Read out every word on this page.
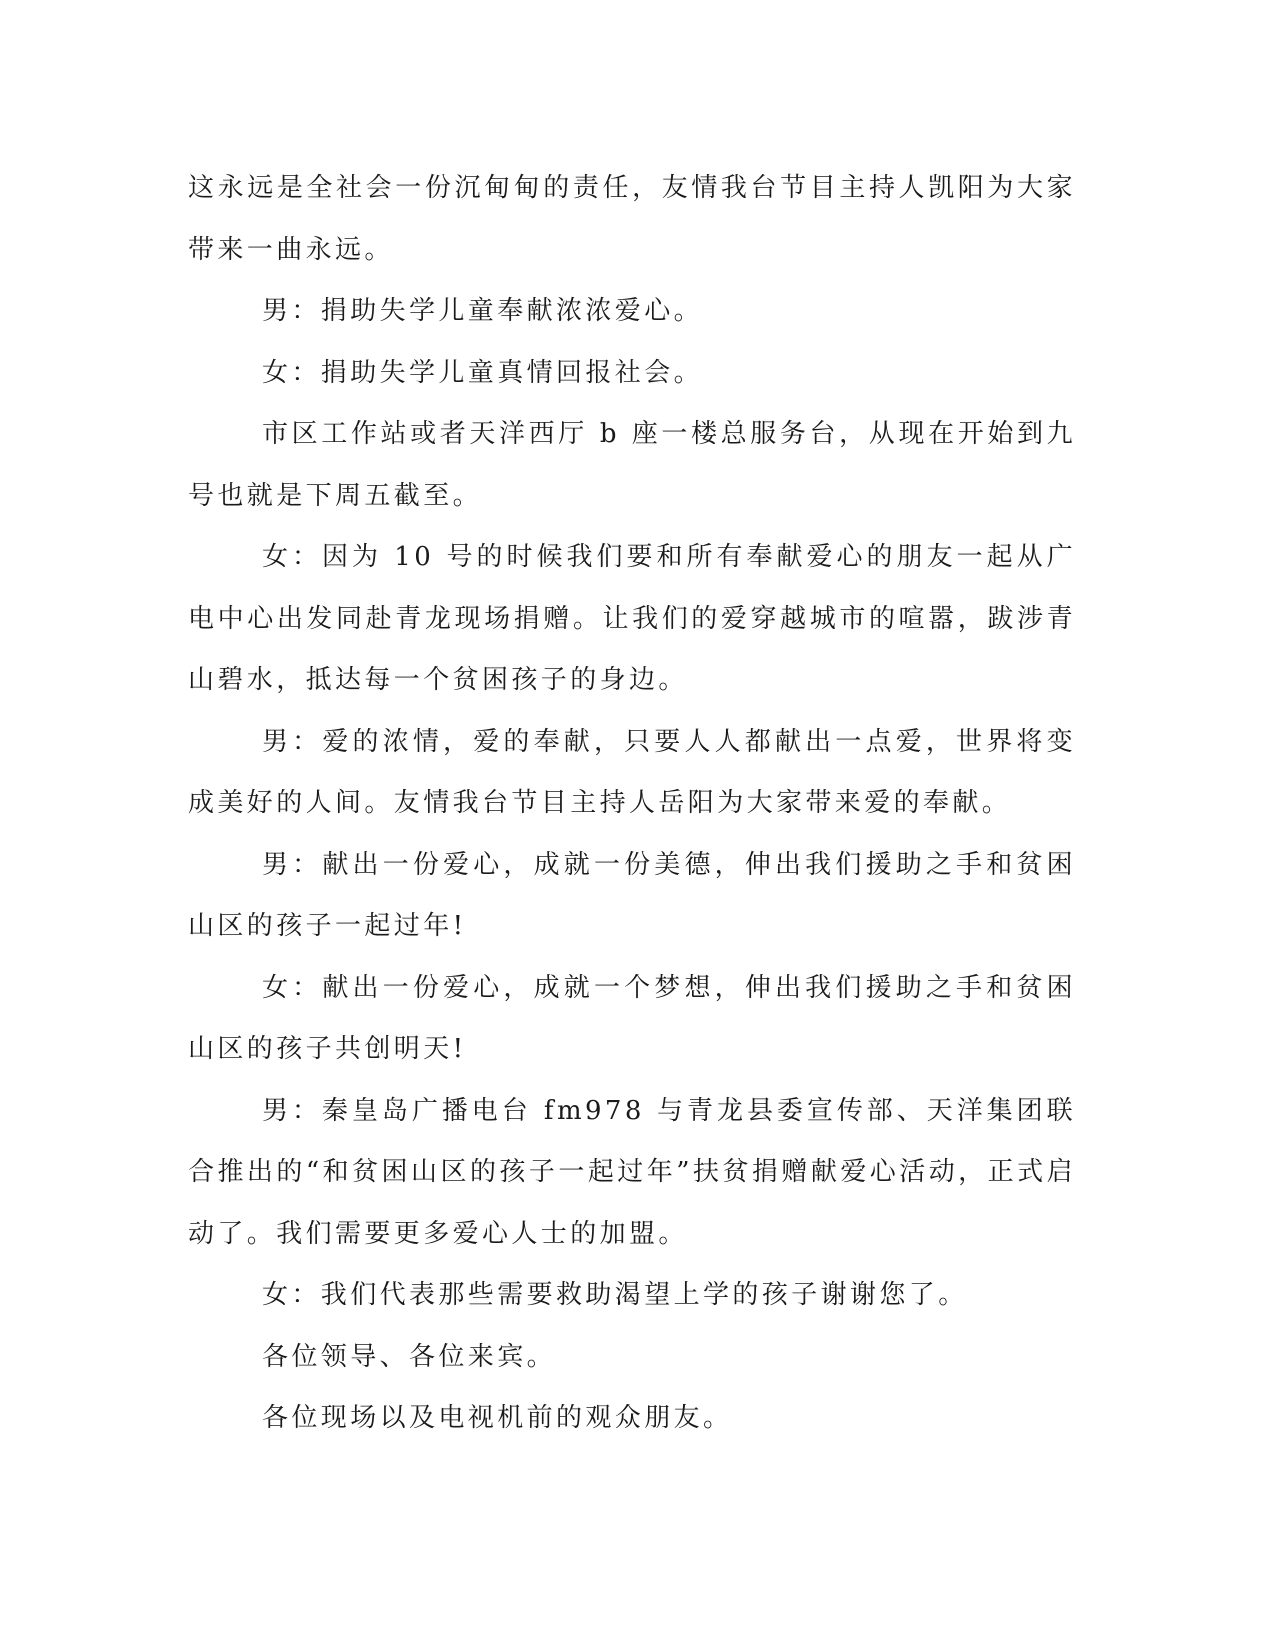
这永远是全社会一份沉甸甸的责任，友情我台节目主持人凯阳为大家带来一曲永远。

男：捐助失学儿童奉献浓浓爱心。

女：捐助失学儿童真情回报社会。

市区工作站或者天洋西厅 b 座一楼总服务台，从现在开始到九号也就是下周五截至。

女：因为 10 号的时候我们要和所有奉献爱心的朋友一起从广电中心出发同赴青龙现场捐赠。让我们的爱穿越城市的喧嚣，跋涉青山碧水，抵达每一个贫困孩子的身边。

男：爱的浓情，爱的奉献，只要人人都献出一点爱，世界将变成美好的人间。友情我台节目主持人岳阳为大家带来爱的奉献。

男：献出一份爱心，成就一份美德，伸出我们援助之手和贫困山区的孩子一起过年!

女：献出一份爱心，成就一个梦想，伸出我们援助之手和贫困山区的孩子共创明天!

男：秦皇岛广播电台 fm978 与青龙县委宣传部、天洋集团联合推出的“和贫困山区的孩子一起过年”扶贫捐赠献爱心活动，正式启动了。我们需要更多爱心人士的加盟。

女：我们代表那些需要救助渴望上学的孩子谢谢您了。

各位领导、各位来宾。

各位现场以及电视机前的观众朋友。
